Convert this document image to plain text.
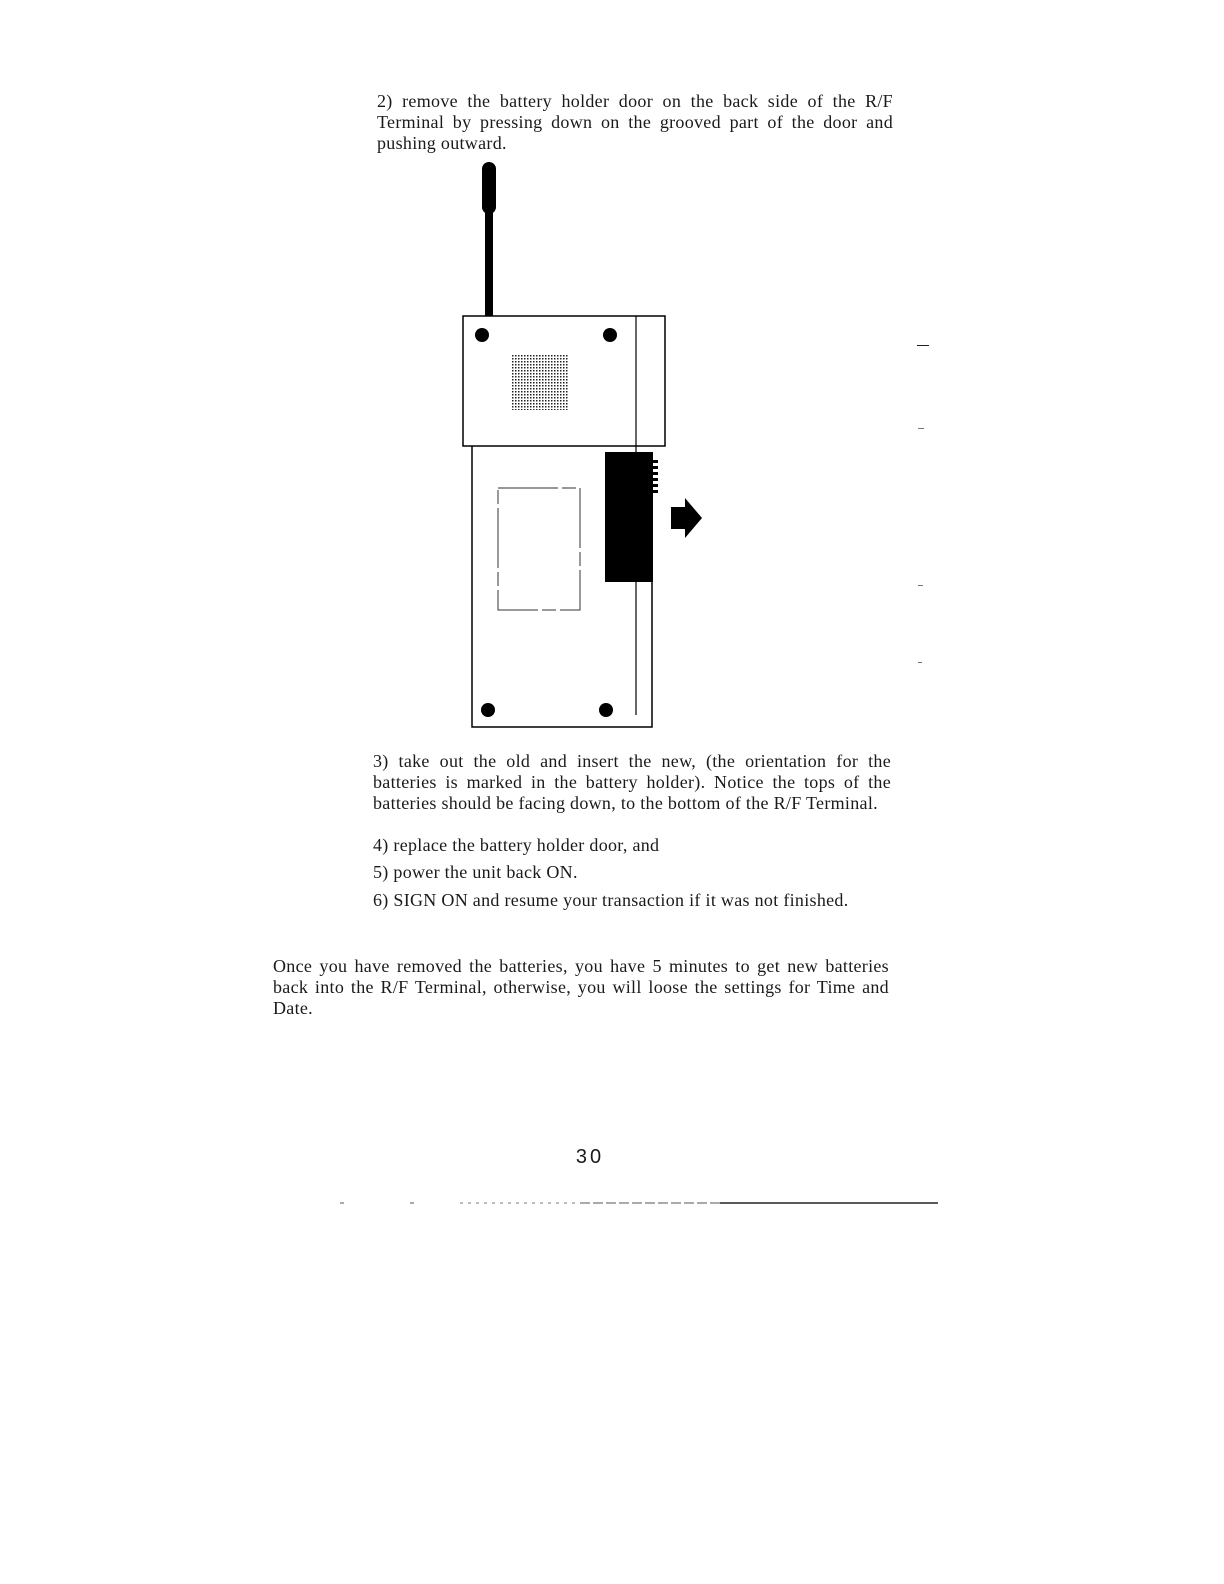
2) remove the battery holder door on the back side of the R/F Terminal by pressing down on the grooved part of the door and pushing outward.

3) take out the old and insert the new, (the orientation for the batteries is marked in the battery holder). Notice the tops of the batteries should be facing down, to the bottom of the R/F Terminal.

4) replace the battery holder door, and

5) power the unit back ON.

6) SIGN ON and resume your transaction if it was not finished.

Once you have removed the batteries, you have 5 minutes to get new batteries back into the R/F Terminal, otherwise, you will loose the settings for Time and Date.

30
